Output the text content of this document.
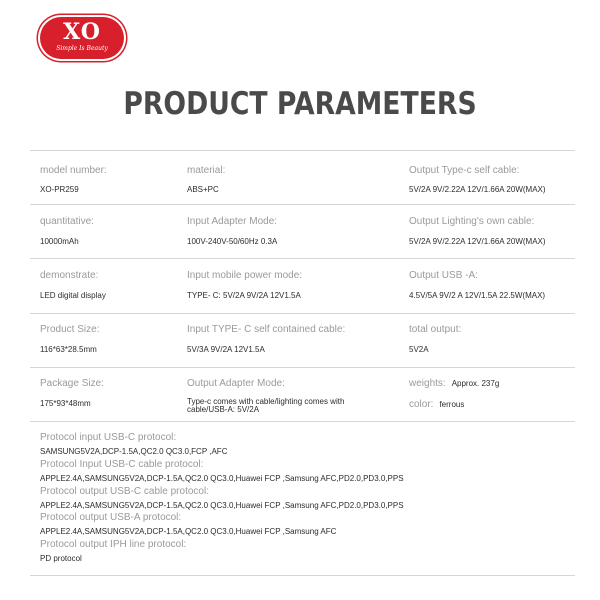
XO
Simple Is Beauty
PRODUCT PARAMETERS
model number:
XO-PR259
material:
ABS+PC
Output Type-c self cable:
5V/2A 9V/2.22A 12V/1.66A 20W(MAX)
quantitative:
10000mAh
Input Adapter Mode:
100V-240V-50/60Hz 0.3A
Output Lighting's own cable:
5V/2A 9V/2.22A 12V/1.66A 20W(MAX)
demonstrate:
LED digital display
Input mobile power mode:
TYPE- C: 5V/2A 9V/2A 12V1.5A
Output USB -A:
4.5V/5A 9V/2 A 12V/1.5A 22.5W(MAX)
Product Size:
116*63*28.5mm
Input TYPE- C self contained cable:
5V/3A 9V/2A 12V1.5A
total output:
5V2A
Package Size:
175*93*48mm
Output Adapter Mode:
Type-c comes with cable/lighting comes with cable/USB-A: 5V/2A
weights: Approx. 237g
color: ferrous
Protocol input USB-C protocol:
SAMSUNG5V2A,DCP-1.5A,QC2.0 QC3.0,FCP ,AFC
Protocol Input USB-C cable protocol:
APPLE2.4A,SAMSUNG5V2A,DCP-1.5A,QC2.0 QC3.0,Huawei FCP ,Samsung AFC,PD2.0,PD3.0,PPS
Protocol output USB-C cable protocol:
APPLE2.4A,SAMSUNG5V2A,DCP-1.5A,QC2.0 QC3.0,Huawei FCP ,Samsung AFC,PD2.0,PD3.0,PPS
Protocol output USB-A protocol:
APPLE2.4A,SAMSUNG5V2A,DCP-1.5A,QC2.0 QC3.0,Huawei FCP ,Samsung AFC
Protocol output IPH line protocol:
PD protocol
